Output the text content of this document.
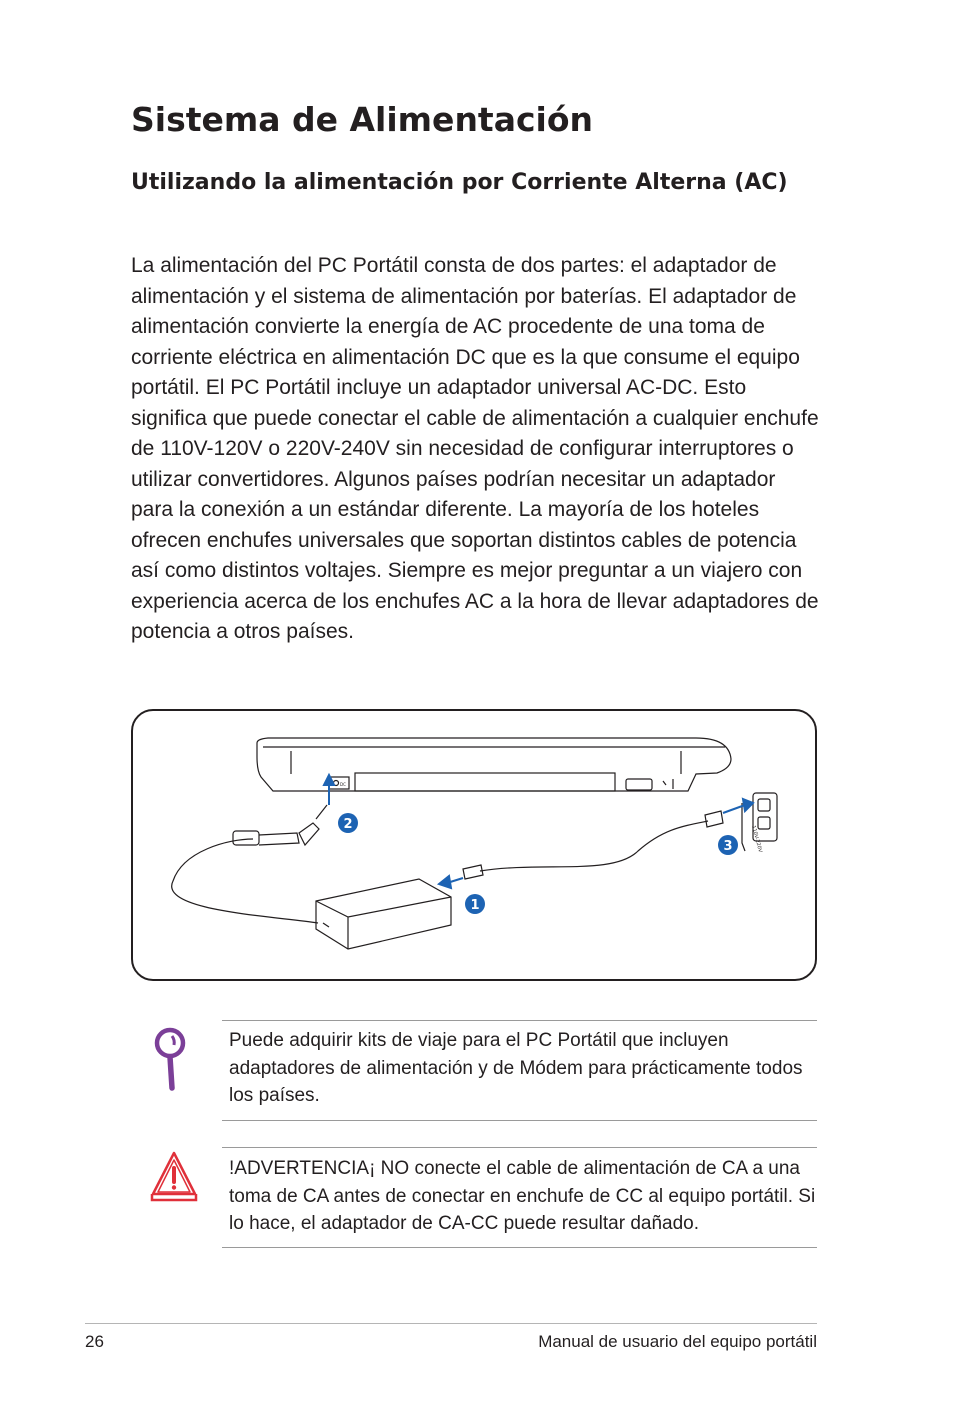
Sistema de Alimentación
Utilizando la alimentación por Corriente Alterna (AC)

La alimentación del PC Portátil consta de dos partes: el adaptador de alimentación y el sistema de alimentación por baterías. El adaptador de alimentación convierte la energía de AC procedente de una toma de corriente eléctrica en alimentación DC que es la que consume el equipo portátil. El PC Portátil incluye un adaptador universal AC-DC. Esto significa que puede conectar el cable de alimentación a cualquier enchufe de 110V-120V o 220V-240V sin necesidad de configurar interruptores o utilizar convertidores. Algunos países podrían necesitar un adaptador para la conexión a un estándar diferente. La mayoría de los hoteles ofrecen enchufes universales que soportan distintos cables de potencia así como distintos voltajes. Siempre es mejor preguntar a un viajero con experiencia acerca de los enchufes AC a la hora de llevar adaptadores de potencia a otros países.

1
2
3	110V-220V
DC

Puede adquirir kits de viaje para el PC Portátil que incluyen adaptadores de alimentación y de Módem para prácticamente todos los países.

!ADVERTENCIA¡ NO conecte el cable de alimentación de CA a una toma de CA antes de conectar en enchufe de CC al equipo portátil. Si lo hace, el adaptador de CA-CC puede resultar dañado.

26	Manual de usuario del equipo portátil
